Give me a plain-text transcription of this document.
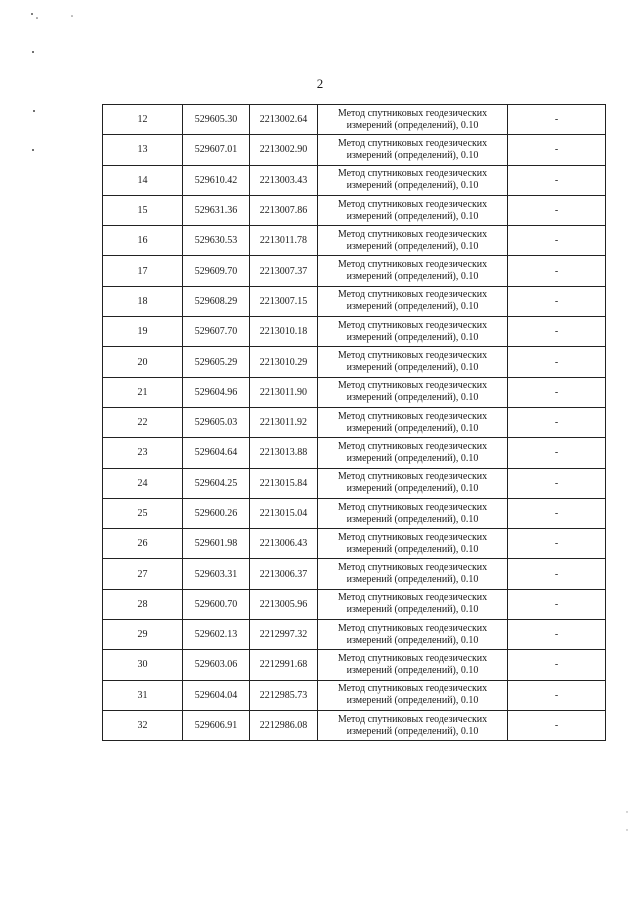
2
12	529605.30	2213002.64	Метод спутниковых геодезических измерений (определений), 0.10	-
13	529607.01	2213002.90	Метод спутниковых геодезических измерений (определений), 0.10	-
14	529610.42	2213003.43	Метод спутниковых геодезических измерений (определений), 0.10	-
15	529631.36	2213007.86	Метод спутниковых геодезических измерений (определений), 0.10	-
16	529630.53	2213011.78	Метод спутниковых геодезических измерений (определений), 0.10	-
17	529609.70	2213007.37	Метод спутниковых геодезических измерений (определений), 0.10	-
18	529608.29	2213007.15	Метод спутниковых геодезических измерений (определений), 0.10	-
19	529607.70	2213010.18	Метод спутниковых геодезических измерений (определений), 0.10	-
20	529605.29	2213010.29	Метод спутниковых геодезических измерений (определений), 0.10	-
21	529604.96	2213011.90	Метод спутниковых геодезических измерений (определений), 0.10	-
22	529605.03	2213011.92	Метод спутниковых геодезических измерений (определений), 0.10	-
23	529604.64	2213013.88	Метод спутниковых геодезических измерений (определений), 0.10	-
24	529604.25	2213015.84	Метод спутниковых геодезических измерений (определений), 0.10	-
25	529600.26	2213015.04	Метод спутниковых геодезических измерений (определений), 0.10	-
26	529601.98	2213006.43	Метод спутниковых геодезических измерений (определений), 0.10	-
27	529603.31	2213006.37	Метод спутниковых геодезических измерений (определений), 0.10	-
28	529600.70	2213005.96	Метод спутниковых геодезических измерений (определений), 0.10	-
29	529602.13	2212997.32	Метод спутниковых геодезических измерений (определений), 0.10	-
30	529603.06	2212991.68	Метод спутниковых геодезических измерений (определений), 0.10	-
31	529604.04	2212985.73	Метод спутниковых геодезических измерений (определений), 0.10	-
32	529606.91	2212986.08	Метод спутниковых геодезических измерений (определений), 0.10	-
